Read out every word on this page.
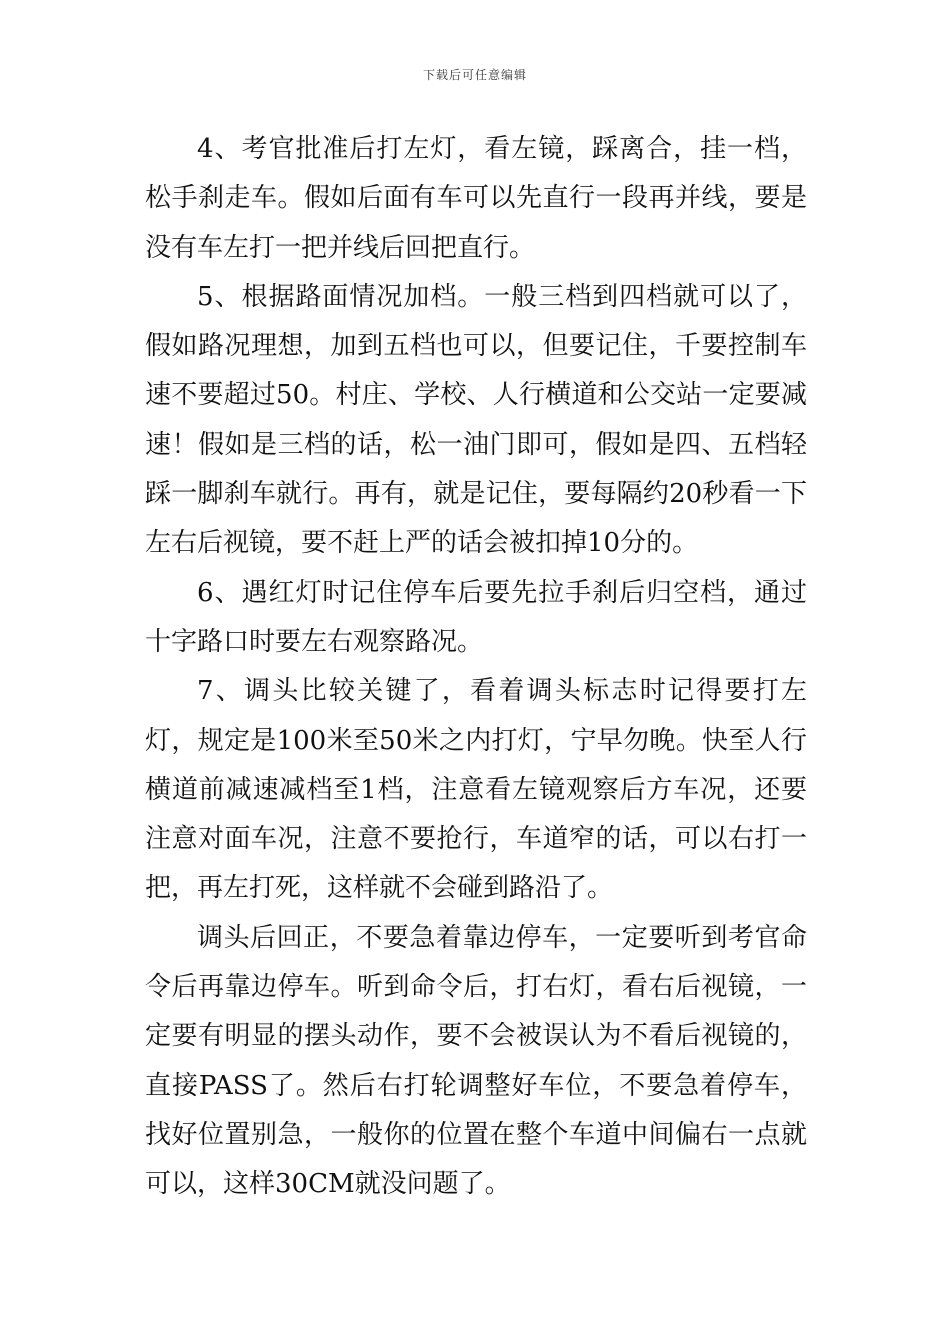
下载后可任意编辑

4、考官批准后打左灯，看左镜，踩离合，挂一档，松手刹走车。假如后面有车可以先直行一段再并线，要是没有车左打一把并线后回把直行。

5、根据路面情况加档。一般三档到四档就可以了，假如路况理想，加到五档也可以，但要记住，千要控制车速不要超过50。村庄、学校、人行横道和公交站一定要减速！假如是三档的话，松一油门即可，假如是四、五档轻踩一脚刹车就行。再有，就是记住，要每隔约20秒看一下左右后视镜，要不赶上严的话会被扣掉10分的。

6、遇红灯时记住停车后要先拉手刹后归空档，通过十字路口时要左右观察路况。

7、调头比较关键了，看着调头标志时记得要打左灯，规定是100米至50米之内打灯，宁早勿晚。快至人行横道前减速减档至1档，注意看左镜观察后方车况，还要注意对面车况，注意不要抢行，车道窄的话，可以右打一把，再左打死，这样就不会碰到路沿了。

调头后回正，不要急着靠边停车，一定要听到考官命令后再靠边停车。听到命令后，打右灯，看右后视镜，一定要有明显的摆头动作，要不会被误认为不看后视镜的，直接PASS了。然后右打轮调整好车位，不要急着停车，找好位置别急，一般你的位置在整个车道中间偏右一点就可以，这样30CM就没问题了。
